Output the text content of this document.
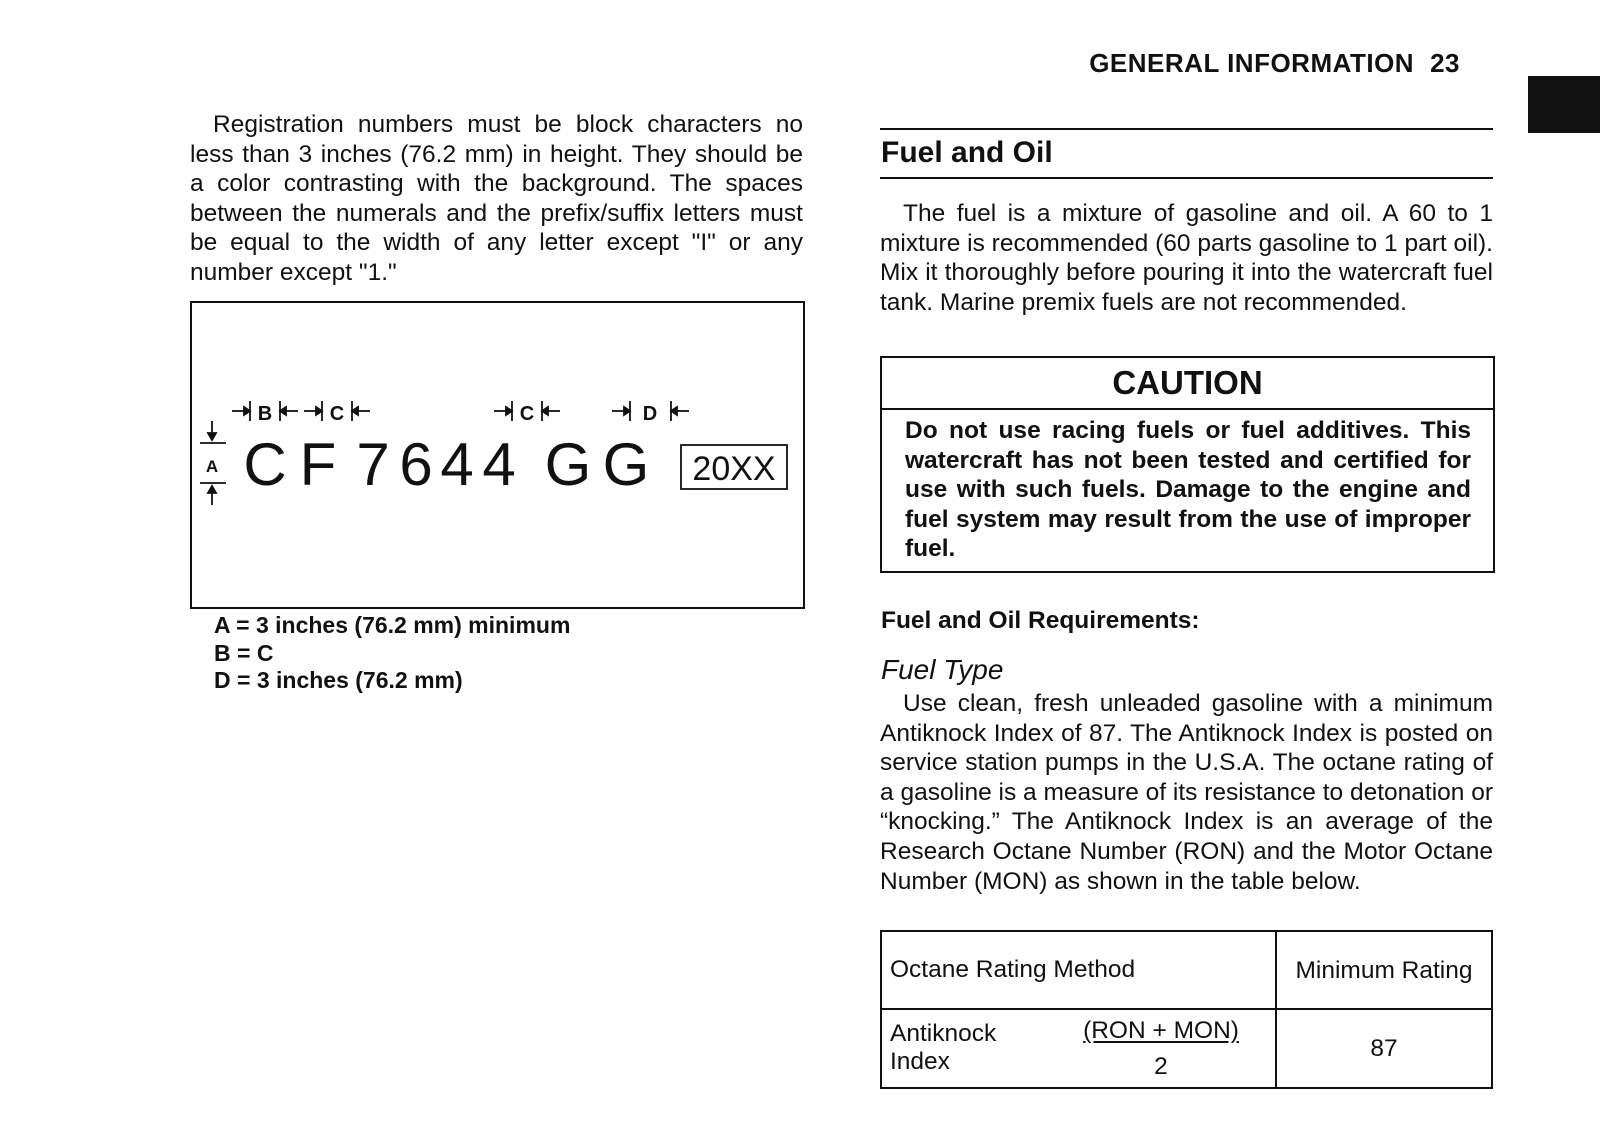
GENERAL INFORMATION 23

Registration numbers must be block characters no less than 3 inches (76.2 mm) in height. They should be a color contrasting with the background. The spaces between the numerals and the prefix/suffix letters must be equal to the width of any letter except "I" or any number except "1."

B	C	C	D
A C F 7 6 4 4 G G 20XX
A = 3 inches (76.2 mm) minimum
B = C
D = 3 inches (76.2 mm)
Fuel and Oil

The fuel is a mixture of gasoline and oil. A 60 to 1 mixture is recommended (60 parts gasoline to 1 part oil). Mix it thoroughly before pouring it into the watercraft fuel tank. Marine premix fuels are not recommended.

CAUTION
Do not use racing fuels or fuel additives. This watercraft has not been tested and certified for use with such fuels. Damage to the engine and fuel system may result from the use of improper fuel.
Fuel and Oil Requirements:
Fuel Type

Use clean, fresh unleaded gasoline with a minimum Antiknock Index of 87. The Antiknock Index is posted on service station pumps in the U.S.A. The octane rating of a gasoline is a measure of its resistance to detonation or “knocking.” The Antiknock Index is an average of the Research Octane Number (RON) and the Motor Octane Number (MON) as shown in the table below.

Octane Rating Method	Minimum Rating

Antiknock Index
(RON + MON)
2	87
